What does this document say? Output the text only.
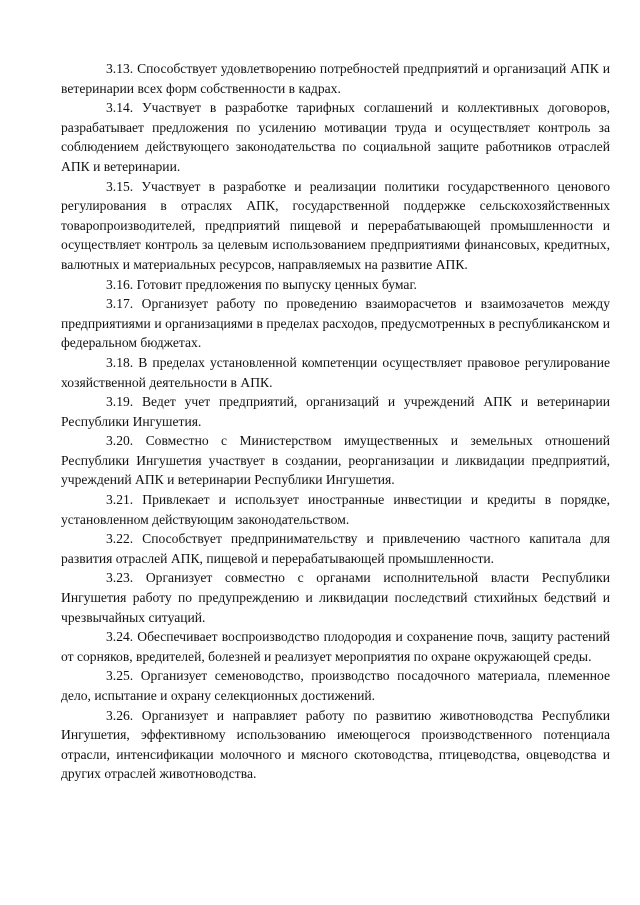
3.13. Способствует удовлетворению потребностей предприятий и организаций АПК и ветеринарии всех форм собственности в кадрах.

3.14. Участвует в разработке тарифных соглашений и коллективных договоров, разрабатывает предложения по усилению мотивации труда и осуществляет контроль за соблюдением действующего законодательства по социальной защите работников отраслей АПК и ветеринарии.

3.15. Участвует в разработке и реализации политики государственного ценового регулирования в отраслях АПК, государственной поддержке сельскохозяйственных товаропроизводителей, предприятий пищевой и перерабатывающей промышленности и осуществляет контроль за целевым использованием предприятиями финансовых, кредитных, валютных и материальных ресурсов, направляемых на развитие АПК.

3.16. Готовит предложения по выпуску ценных бумаг.

3.17. Организует работу по проведению взаиморасчетов и взаимозачетов между предприятиями и организациями в пределах расходов, предусмотренных в республиканском и федеральном бюджетах.

3.18. В пределах установленной компетенции осуществляет правовое регулирование хозяйственной деятельности в АПК.

3.19. Ведет учет предприятий, организаций и учреждений АПК и ветеринарии Республики Ингушетия.

3.20. Совместно с Министерством имущественных и земельных отношений Республики Ингушетия участвует в создании, реорганизации и ликвидации предприятий, учреждений АПК и ветеринарии Республики Ингушетия.

3.21. Привлекает и использует иностранные инвестиции и кредиты в порядке, установленном действующим законодательством.

3.22. Способствует предпринимательству и привлечению частного капитала для развития отраслей АПК, пищевой и перерабатывающей промышленности.

3.23. Организует совместно с органами исполнительной власти Республики Ингушетия работу по предупреждению и ликвидации последствий стихийных бедствий и чрезвычайных ситуаций.

3.24. Обеспечивает воспроизводство плодородия и сохранение почв, защиту растений от сорняков, вредителей, болезней и реализует мероприятия по охране окружающей среды.

3.25. Организует семеноводство, производство посадочного материала, племенное дело, испытание и охрану селекционных достижений.

3.26. Организует и направляет работу по развитию животноводства Республики Ингушетия, эффективному использованию имеющегося производственного потенциала отрасли, интенсификации молочного и мясного скотоводства, птицеводства, овцеводства и других отраслей животноводства.
